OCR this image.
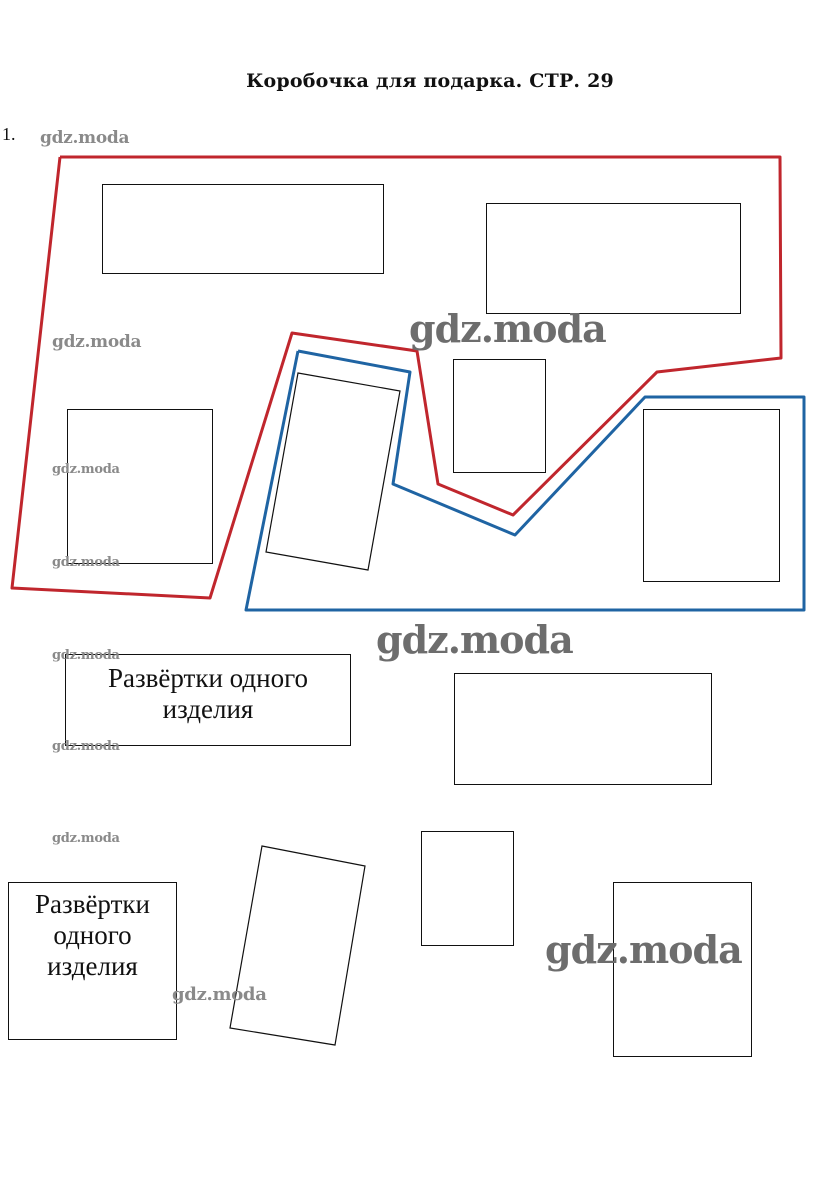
Коробочка для подарка. СТР. 29
1.
Развёртки одного изделия
Развёртки одного изделия
gdz.moda
gdz.moda	gdz.moda
gdz.moda
gdz.moda
gdz.moda
gdz.moda
gdz.moda
gdz.moda
gdz.moda
gdz.moda
